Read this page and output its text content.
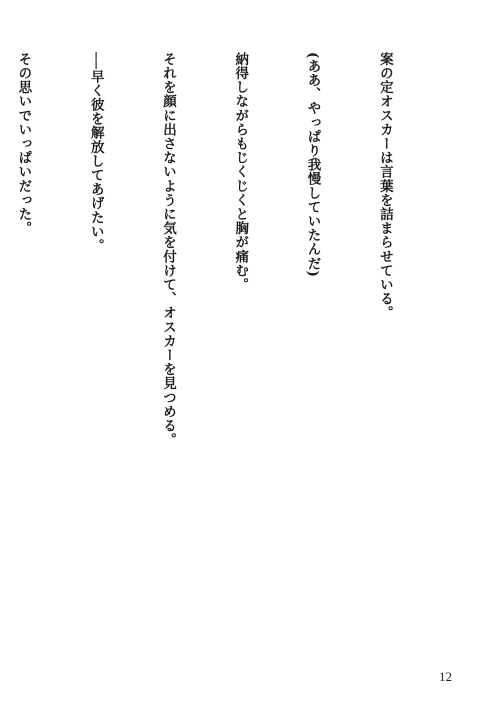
案の定オスカーは言葉を詰まらせている。

(ああ、やっぱり我慢していたんだ)

納得しながらもじくじくと胸が痛む。

それを顔に出さないように気を付けて、オスカーを見つめる。

──早く彼を解放してあげたい。

その思いでいっぱいだった。

12
